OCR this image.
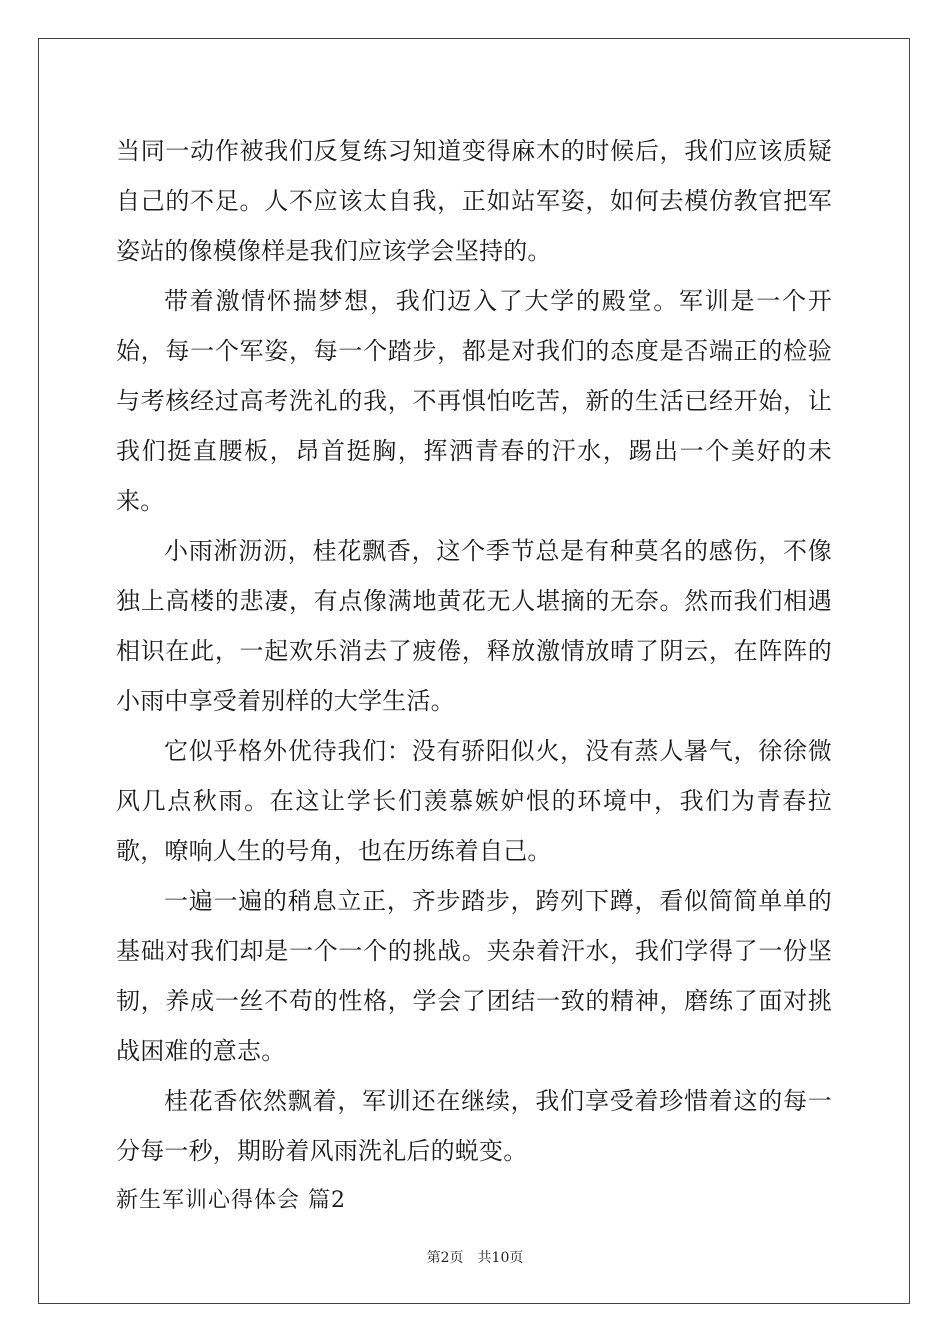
当同一动作被我们反复练习知道变得麻木的时候后，我们应该质疑自己的不足。人不应该太自我，正如站军姿，如何去模仿教官把军姿站的像模像样是我们应该学会坚持的。

带着激情怀揣梦想，我们迈入了大学的殿堂。军训是一个开始，每一个军姿，每一个踏步，都是对我们的态度是否端正的检验与考核经过高考洗礼的我，不再惧怕吃苦，新的生活已经开始，让我们挺直腰板，昂首挺胸，挥洒青春的汗水，踢出一个美好的未来。

小雨淅沥沥，桂花飘香，这个季节总是有种莫名的感伤，不像独上高楼的悲凄，有点像满地黄花无人堪摘的无奈。然而我们相遇相识在此，一起欢乐消去了疲倦，释放激情放晴了阴云，在阵阵的小雨中享受着别样的大学生活。

它似乎格外优待我们：没有骄阳似火，没有蒸人暑气，徐徐微风几点秋雨。在这让学长们羡慕嫉妒恨的环境中，我们为青春拉歌，嘹响人生的号角，也在历练着自己。

一遍一遍的稍息立正，齐步踏步，跨列下蹲，看似简简单单的基础对我们却是一个一个的挑战。夹杂着汗水，我们学得了一份坚韧，养成一丝不苟的性格，学会了团结一致的精神，磨练了面对挑战困难的意志。

桂花香依然飘着，军训还在继续，我们享受着珍惜着这的每一分每一秒，期盼着风雨洗礼后的蜕变。

新生军训心得体会 篇2

第2页　共10页
